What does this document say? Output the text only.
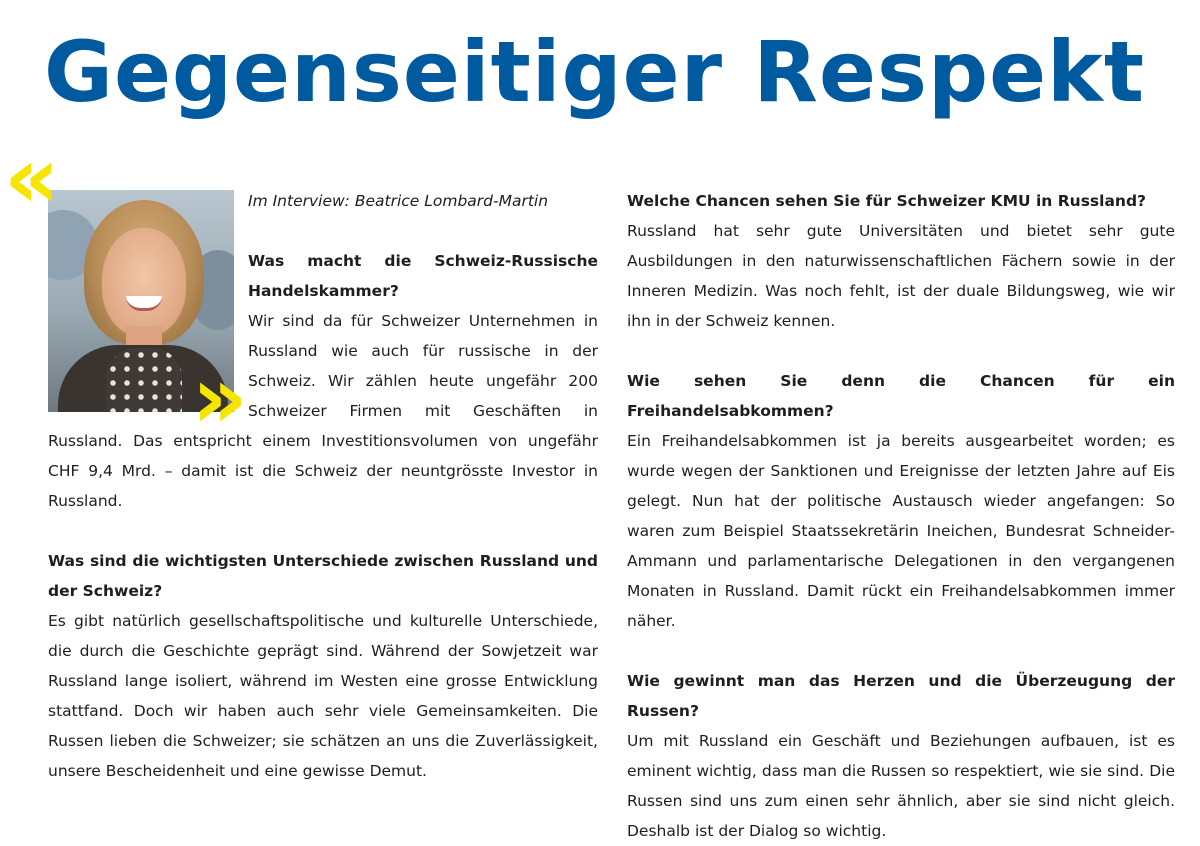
Gegenseitiger Respekt
«
»

Im Interview: Beatrice Lombard-Martin

Was macht die Schweiz-Russische Handelskammer?

Wir sind da für Schweizer Unternehmen in Russland wie auch für russische in der Schweiz. Wir zählen heute ungefähr 200 Schweizer Firmen mit Geschäften in Russland. Das entspricht einem Investitionsvolumen von ungefähr CHF 9,4 Mrd. – damit ist die Schweiz der neuntgrösste Investor in Russland.

Was sind die wichtigsten Unterschiede zwischen Russland und der Schweiz?

Es gibt natürlich gesellschaftspolitische und kulturelle Unterschiede, die durch die Geschichte geprägt sind. Während der Sowjetzeit war Russland lange isoliert, während im Westen eine grosse Entwicklung stattfand. Doch wir haben auch sehr viele Gemeinsamkeiten. Die Russen lieben die Schweizer; sie schätzen an uns die Zuverlässigkeit, unsere Bescheidenheit und eine gewisse Demut.

Welche Chancen sehen Sie für Schweizer KMU in Russland?

Russland hat sehr gute Universitäten und bietet sehr gute Ausbildungen in den naturwissenschaftlichen Fächern sowie in der Inneren Medizin. Was noch fehlt, ist der duale Bildungsweg, wie wir ihn in der Schweiz kennen.

Wie sehen Sie denn die Chancen für ein Freihandelsabkommen?

Ein Freihandelsabkommen ist ja bereits ausgearbeitet worden; es wurde wegen der Sanktionen und Ereignisse der letzten Jahre auf Eis gelegt. Nun hat der politische Austausch wieder angefangen: So waren zum Beispiel Staatssekretärin Ineichen, Bundesrat Schneider-Ammann und parlamentarische Delegationen in den vergangenen Monaten in Russland. Damit rückt ein Freihandelsabkommen immer näher.

Wie gewinnt man das Herzen und die Überzeugung der Russen?

Um mit Russland ein Geschäft und Beziehungen aufbauen, ist es eminent wichtig, dass man die Russen so respektiert, wie sie sind. Die Russen sind uns zum einen sehr ähnlich, aber sie sind nicht gleich. Deshalb ist der Dialog so wichtig.
